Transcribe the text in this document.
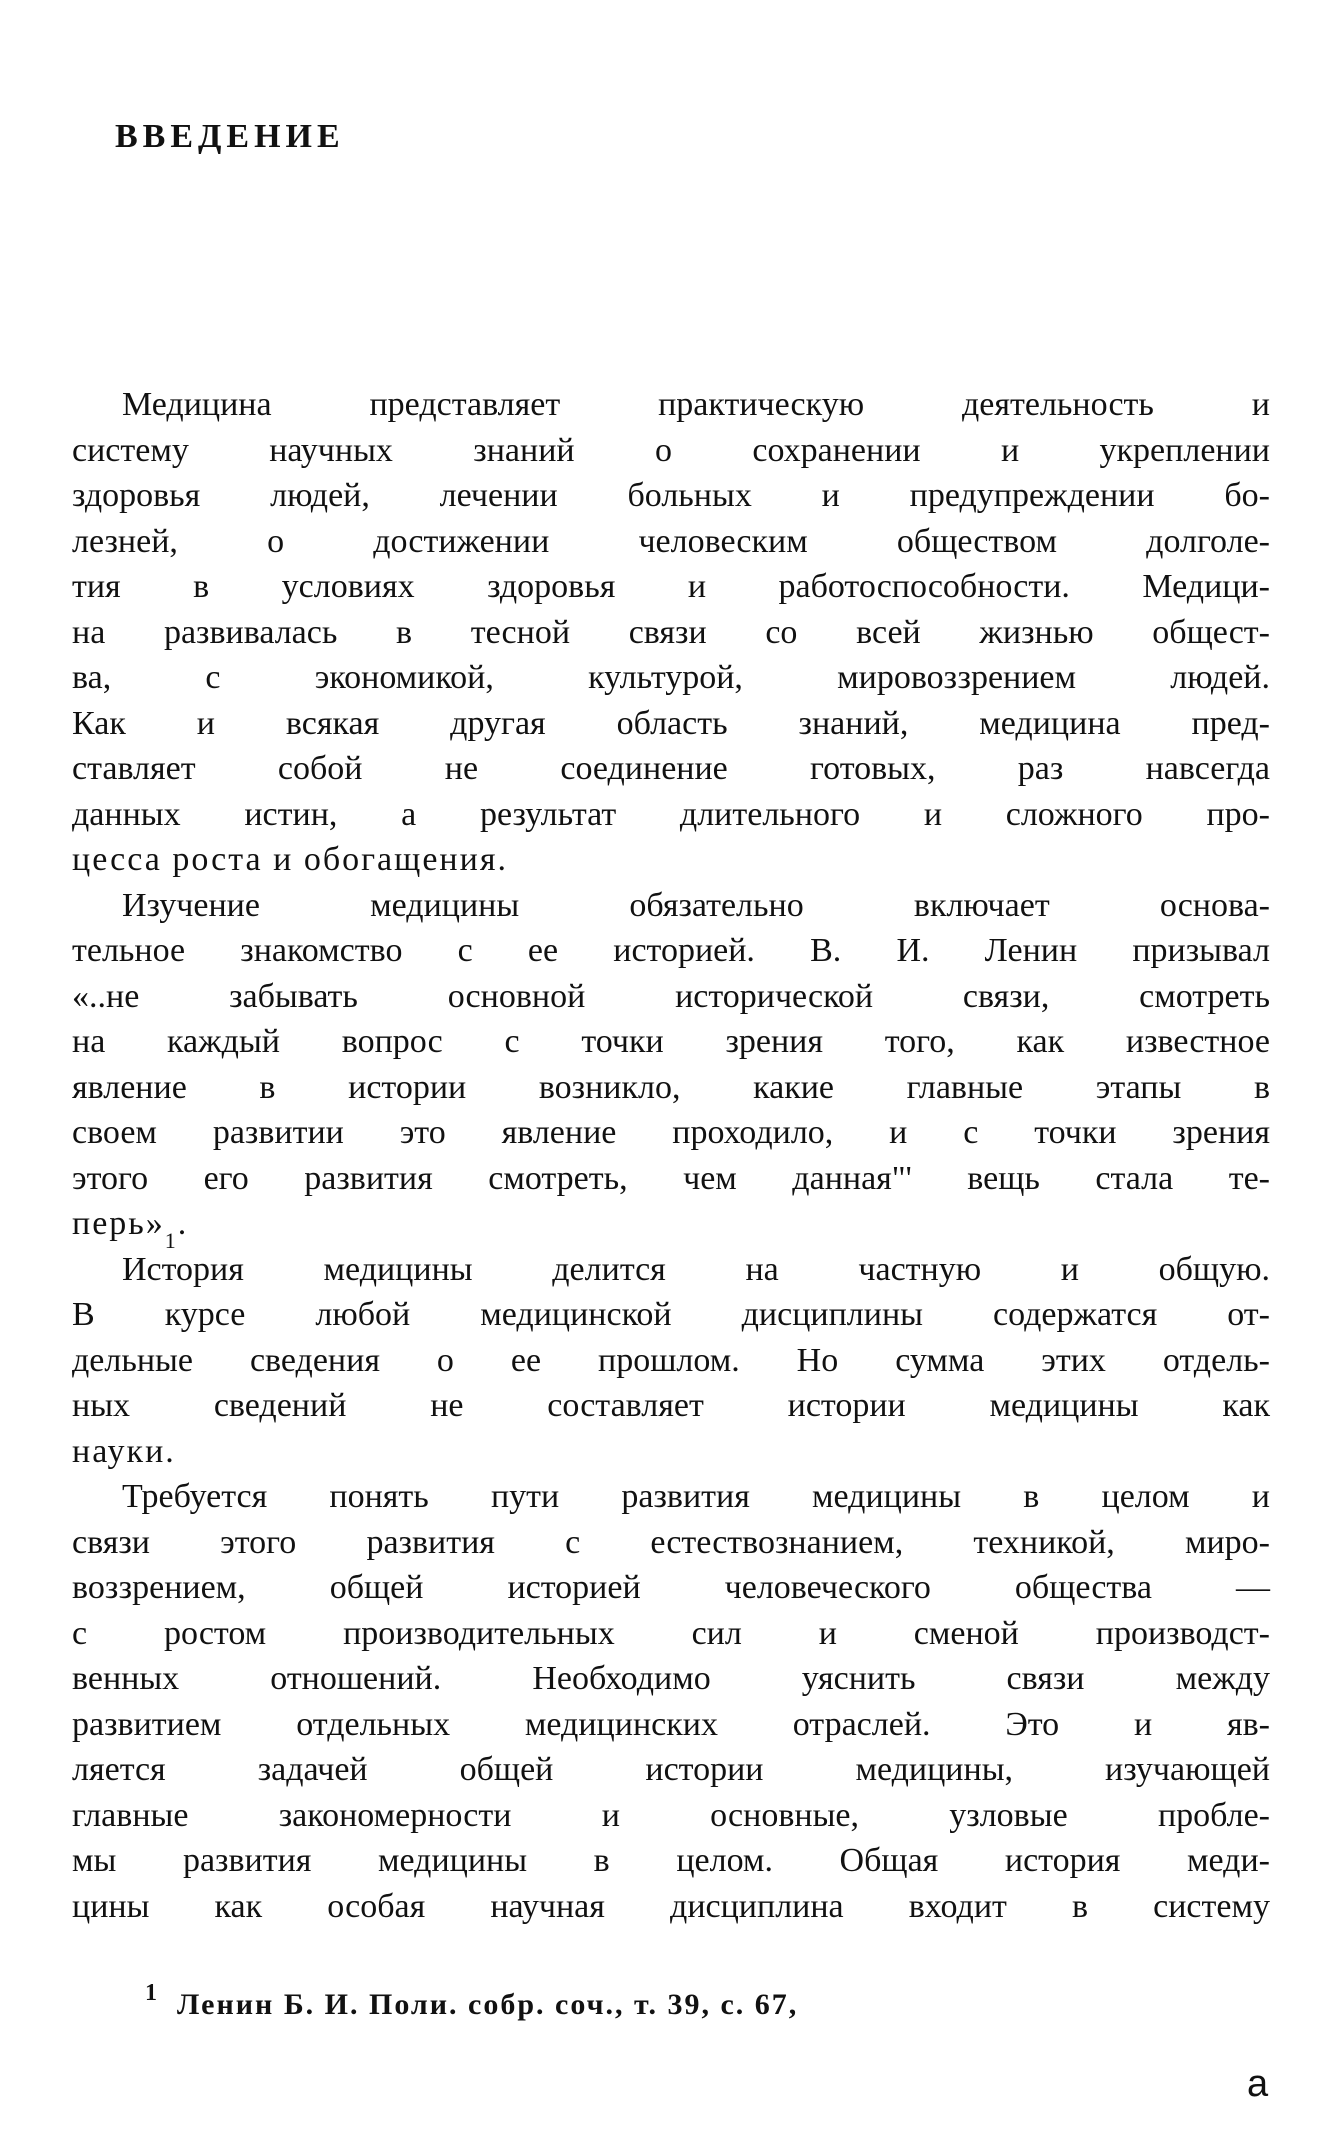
ВВЕДЕНИЕ
Медицина представляет практическую деятельность и
систему научных знаний о сохранении и укреплении
здоровья людей, лечении больных и предупреждении бо-
лезней, о достижении человеским обществом долголе-
тия в условиях здоровья и работоспособности. Медици-
на развивалась в тесной связи со всей жизнью общест-
ва, с экономикой, культурой, мировоззрением людей.
Как и всякая другая область знаний, медицина пред-
ставляет собой не соединение готовых, раз навсегда
данных истин, а результат длительного и сложного про-
цесса роста и обогащения.
Изучение медицины обязательно включает основа-
тельное знакомство с ее историей. В. И. Ленин призывал
«..не забывать основной исторической связи, смотреть
на каждый вопрос с точки зрения того, как известное
явление в истории возникло, какие главные этапы в
своем развитии это явление проходило, и с точки зрения
этого его развития смотреть, чем данная"' вещь стала те-
$перь»_1$.
История медицины делится на частную и общую.
В курсе любой медицинской дисциплины содержатся от-
дельные сведения о ее прошлом. Но сумма этих отдель-
ных сведений не составляет истории медицины как
науки.
Требуется понять пути развития медицины в целом и
связи этого развития с естествознанием, техникой, миро-
воззрением, общей историей человеческого общества —
с ростом производительных сил и сменой производст-
венных отношений. Необходимо уяснить связи между
развитием отдельных медицинских отраслей. Это и яв-
ляется задачей общей истории медицины, изучающей
главные закономерности и основные, узловые пробле-
мы развития медицины в целом. Общая история меди-
цины как особая научная дисциплина входит в систему
$^1$ Ленин Б. И. Поли. собр. соч., т. 39, с. 67,
a
